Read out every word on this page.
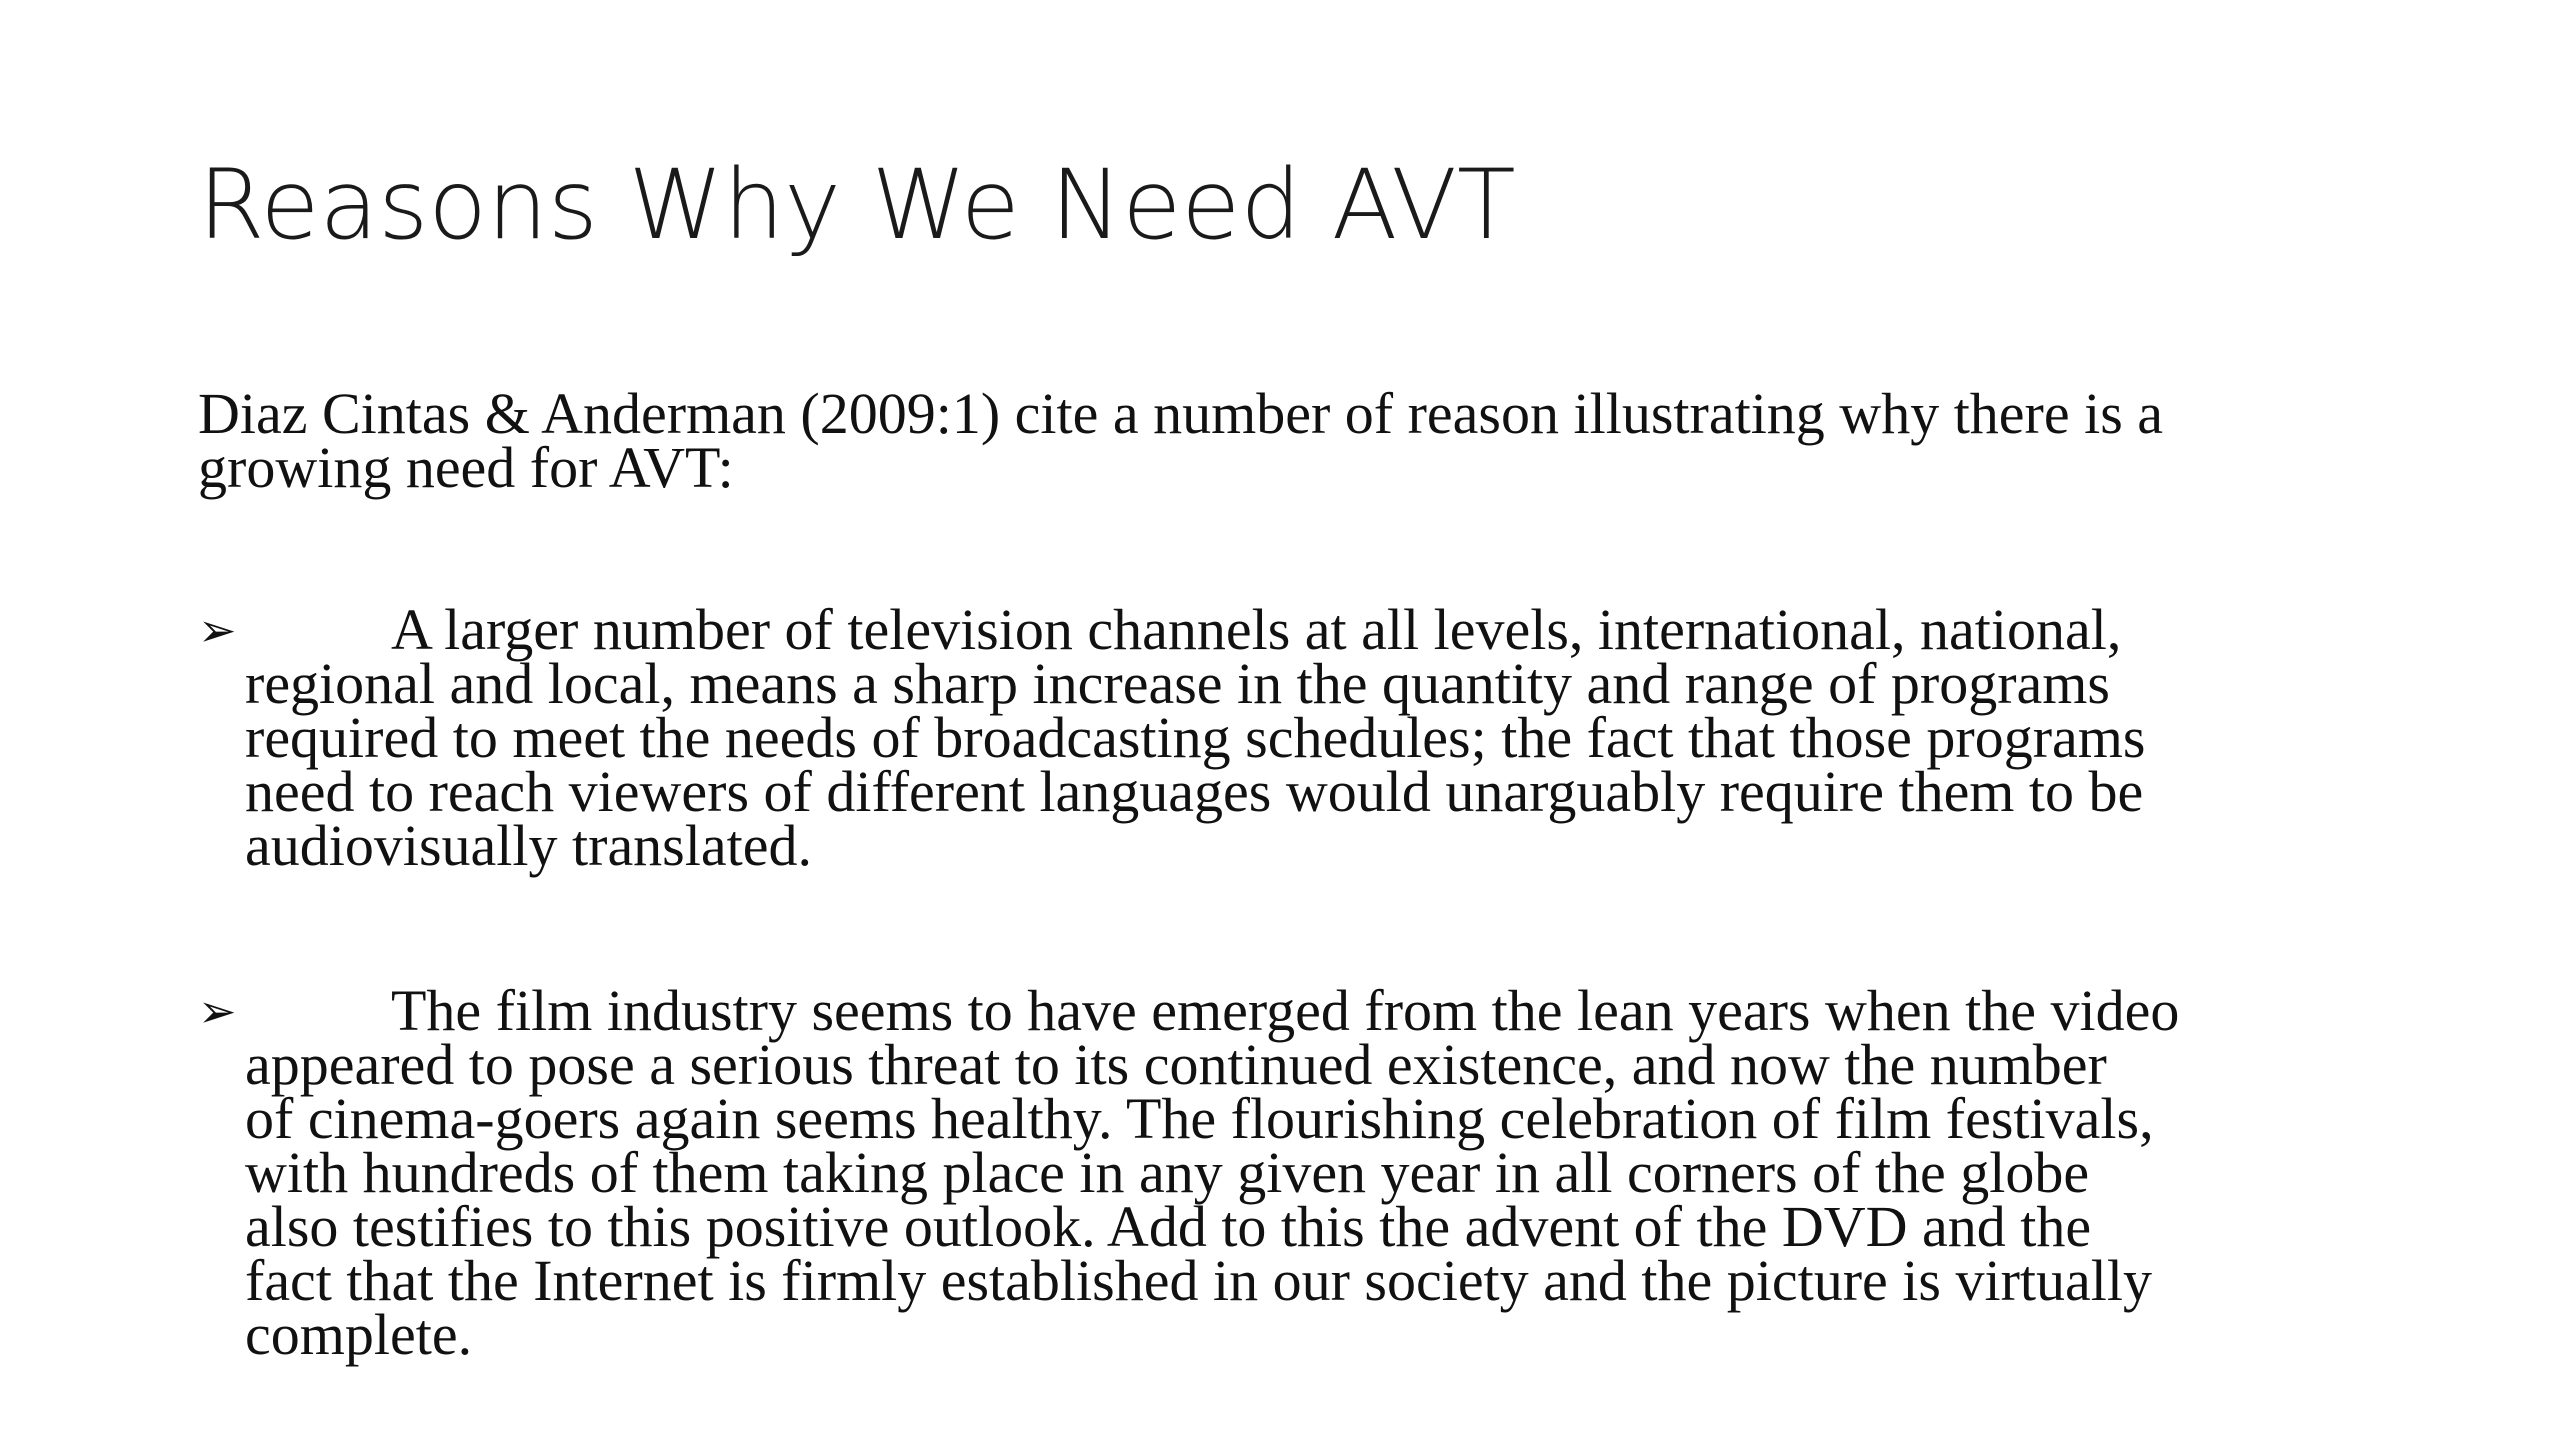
Reasons Why We Need AVT

Diaz Cintas & Anderman (2009:1) cite a number of reason illustrating why there is a
growing need for AVT:

➢	A larger number of television channels at all levels, international, national,
regional and local, means a sharp increase in the quantity and range of programs
required to meet the needs of broadcasting schedules; the fact that those programs
need to reach viewers of different languages would unarguably require them to be
audiovisually translated.
➢	The film industry seems to have emerged from the lean years when the video
appeared to pose a serious threat to its continued existence, and now the number
of cinema-goers again seems healthy. The flourishing celebration of film festivals,
with hundreds of them taking place in any given year in all corners of the globe
also testifies to this positive outlook. Add to this the advent of the DVD and the
fact that the Internet is firmly established in our society and the picture is virtually
complete.
